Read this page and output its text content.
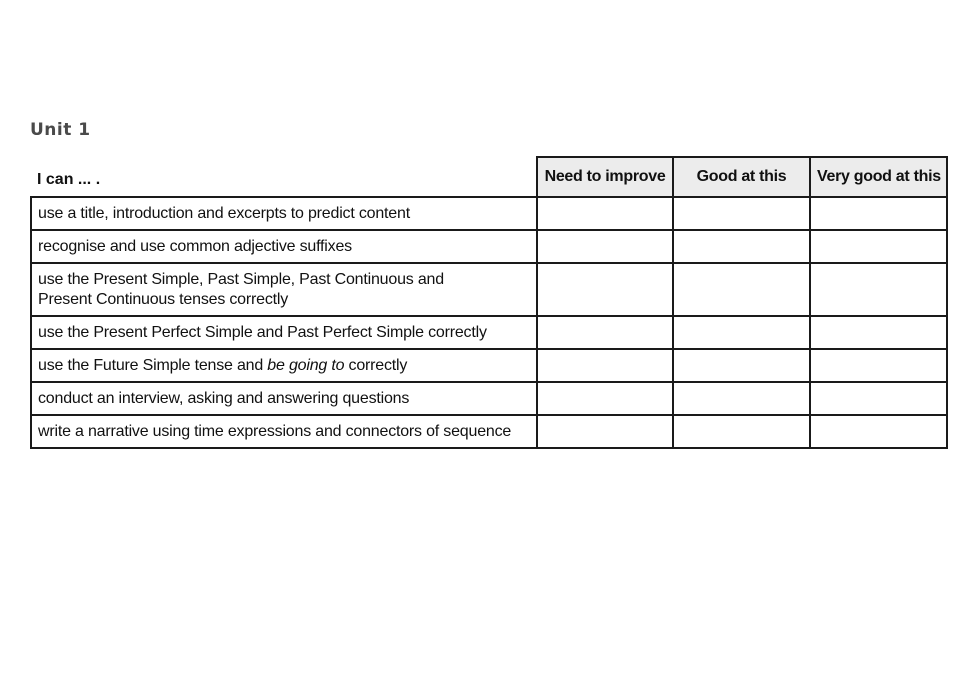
Unit 1
I can ... .	Need to improve	Good at this	Very good at this
use a title, introduction and excerpts to predict content			
recognise and use common adjective suffixes			
use the Present Simple, Past Simple, Past Continuous and
Present Continuous tenses correctly			
use the Present Perfect Simple and Past Perfect Simple correctly			
use the Future Simple tense and be going to correctly			
conduct an interview, asking and answering questions			
write a narrative using time expressions and connectors of sequence			
